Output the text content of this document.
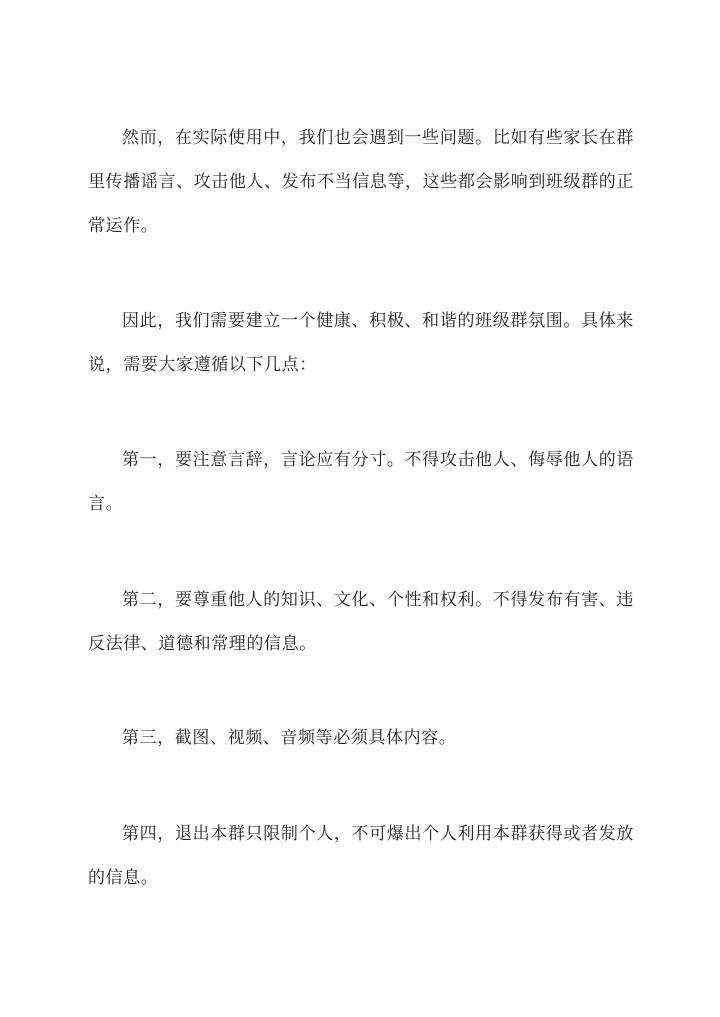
然而，在实际使用中，我们也会遇到一些问题。比如有些家长在群里传播谣言、攻击他人、发布不当信息等，这些都会影响到班级群的正常运作。

因此，我们需要建立一个健康、积极、和谐的班级群氛围。具体来说，需要大家遵循以下几点：

第一，要注意言辞，言论应有分寸。不得攻击他人、侮辱他人的语言。

第二，要尊重他人的知识、文化、个性和权利。不得发布有害、违反法律、道德和常理的信息。

第三，截图、视频、音频等必须具体内容。

第四，退出本群只限制个人，不可爆出个人利用本群获得或者发放的信息。
